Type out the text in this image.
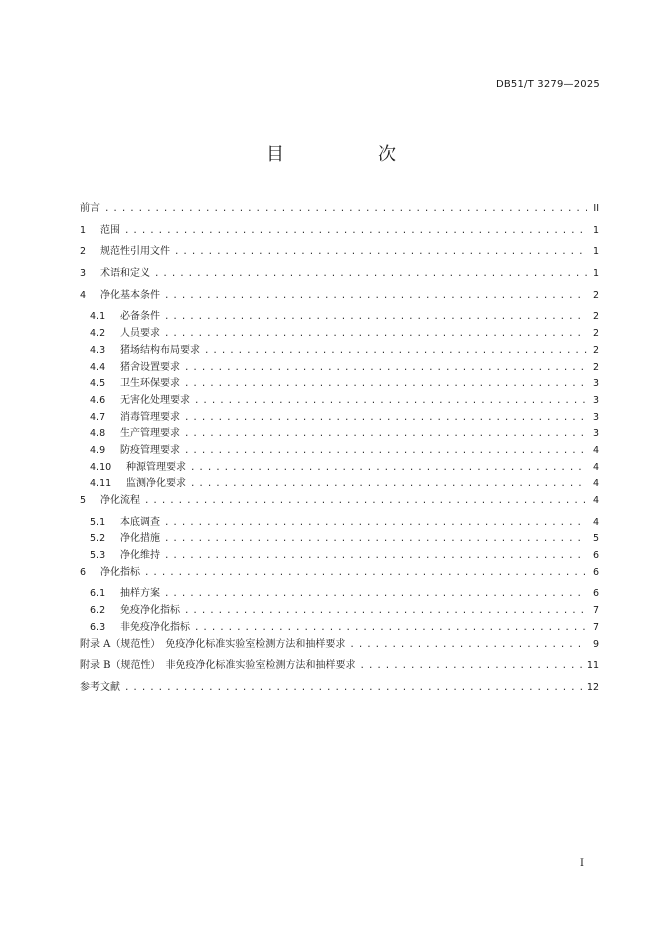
DB51/T 3279—2025
目　次
前言 .....	II
1	范围 .....	1
2	规范性引用文件 .....	1
3	术语和定义 .....	1
4	净化基本条件 .....	2
4.1	必备条件 .....	2
4.2	人员要求 .....	2
4.3	猪场结构布局要求 .....	2
4.4	猪舍设置要求 .....	2
4.5	卫生环保要求 .....	3
4.6	无害化处理要求 .....	3
4.7	消毒管理要求 .....	3
4.8	生产管理要求 .....	3
4.9	防疫管理要求 .....	4
4.10	种源管理要求 .....	4
4.11	监测净化要求 .....	4
5	净化流程 .....	4
5.1	本底调查 .....	4
5.2	净化措施 .....	5
5.3	净化维持 .....	6
6	净化指标 .....	6
6.1	抽样方案 .....	6
6.2	免疫净化指标 .....	7
6.3	非免疫净化指标 .....	7
附录 A（规范性）　免疫净化标准实验室检测方法和抽样要求 .....	9
附录 B（规范性）　非免疫净化标准实验室检测方法和抽样要求 .....	11
参考文献 .....	12
I
